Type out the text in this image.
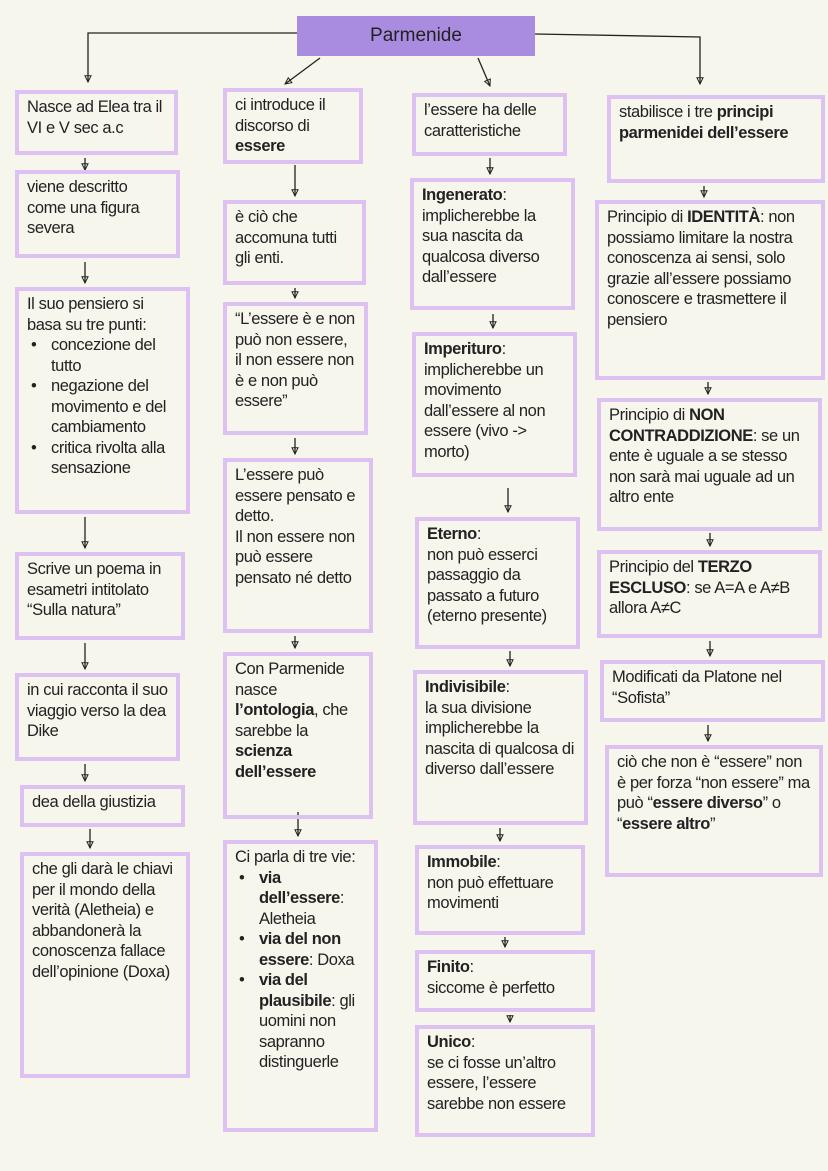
Parmenide

Nasce ad Elea tra il VI e V sec a.c

viene descritto come una figura severa

Il suo pensiero si basa su tre punti:

• concezione del tutto
• negazione del movimento e del cambiamento
• critica rivolta alla sensazione

Scrive un poema in esametri intitolato “Sulla natura”

in cui racconta il suo viaggio verso la dea Dike

dea della giustizia

che gli darà le chiavi per il mondo della verità (Aletheia) e abbandonerà la conoscenza fallace dell’opinione (Doxa)

ci introduce il discorso di essere

è ciò che accomuna tutti gli enti.

“L’essere è e non può non essere, il non essere non è e non può essere”

L’essere può essere pensato e detto.

Il non essere non può essere pensato né detto

Con Parmenide nasce l’ontologia, che sarebbe la scienza dell’essere

Ci parla di tre vie:

• via dell’essere: Aletheia
• via del non essere: Doxa
• via del plausibile: gli uomini non sapranno distinguerle

l’essere ha delle caratteristiche

Ingenerato:

implicherebbe la sua nascita da qualcosa diverso dall’essere

Imperituro:

implicherebbe un movimento dall’essere al non essere (vivo -> morto)

Eterno:

non può esserci passaggio da passato a futuro (eterno presente)

Indivisibile:

la sua divisione implicherebbe la nascita di qualcosa di diverso dall’essere

Immobile:

non può effettuare movimenti

Finito:

siccome è perfetto

Unico:

se ci fosse un’altro essere, l’essere sarebbe non essere

stabilisce i tre principi parmenidei dell’essere

Principio di IDENTITÀ: non possiamo limitare la nostra conoscenza ai sensi, solo grazie all’essere possiamo conoscere e trasmettere il pensiero

Principio di NON CONTRADDIZIONE: se un ente è uguale a se stesso non sarà mai uguale ad un altro ente

Principio del TERZO ESCLUSO: se A=A e A≠B allora A≠C

Modificati da Platone nel “Sofista”

ciò che non è “essere” non è per forza “non essere” ma può “essere diverso” o “essere altro”
